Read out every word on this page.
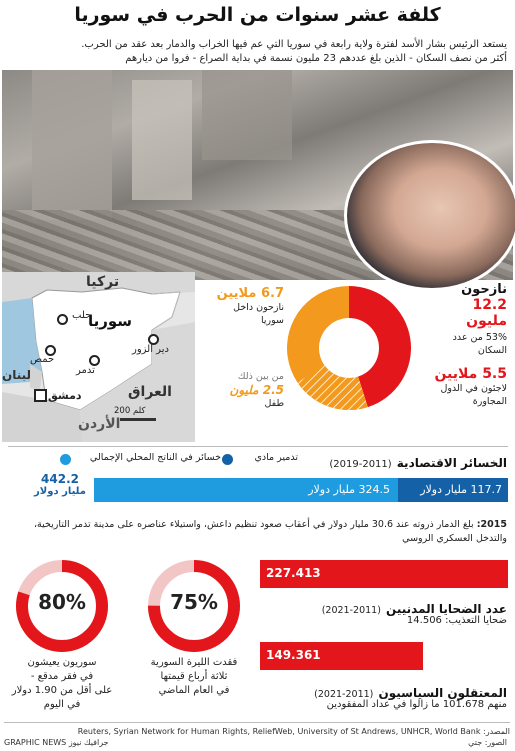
كلفة عشر سنوات من الحرب في سوريا
يستعد الرئيس بشار الأسد لفترة ولاية رابعة في سوريا التي عم فيها الخراب والدمار بعد عقد من الحرب.
أكثر من نصف السكان - الذين بلغ عددهم 23 مليون نسمة في بداية الصراع - فروا من ديارهم
تركيا
سوريا
العراق
الأردن
لبنان
حلب
حمص
دير الزور
تدمر
دمشق
200 كلم
نازحون
12.2 مليون
53% من عدد السكان
5.5 ملايين
لاجئون في الدول
المجاورة
6.7 ملايين
نازحون داخل
سوريا
من بين ذلك
2.5 مليون
طفل
الخسائر الاقتصادية (2011-2019)
خسائر في الناتج المحلي الإجمالي	تدمير مادي
117.7 مليار دولار
324.5 مليار دولار
442.2
مليار دولار
2015: بلغ الدمار ذروته عند 30.6 مليار دولار في أعقاب صعود تنظيم داعش، واستيلاء عناصره على مدينة تدمر التاريخية، والتدخل العسكري الروسي
227.413
عدد الضحايا المدنيين (2011-2021)
ضحايا التعذيب: 14.506
149.361
المعتقلون السياسيون (2011-2021)
منهم 101.678 ما زالوا في عداد المفقودين
80%
سوريون يعيشون
في فقر مدقع -
على أقل من 1.90 دولار
في اليوم
75%
فقدت الليرة السورية
ثلاثة أرباع قيمتها
في العام الماضي
المصدر: Reuters, Syrian Network for Human Rights, ReliefWeb, University of St Andrews, UNHCR, World Bank
GRAPHIC NEWS جرافيك نيوز	الصور: جتي
